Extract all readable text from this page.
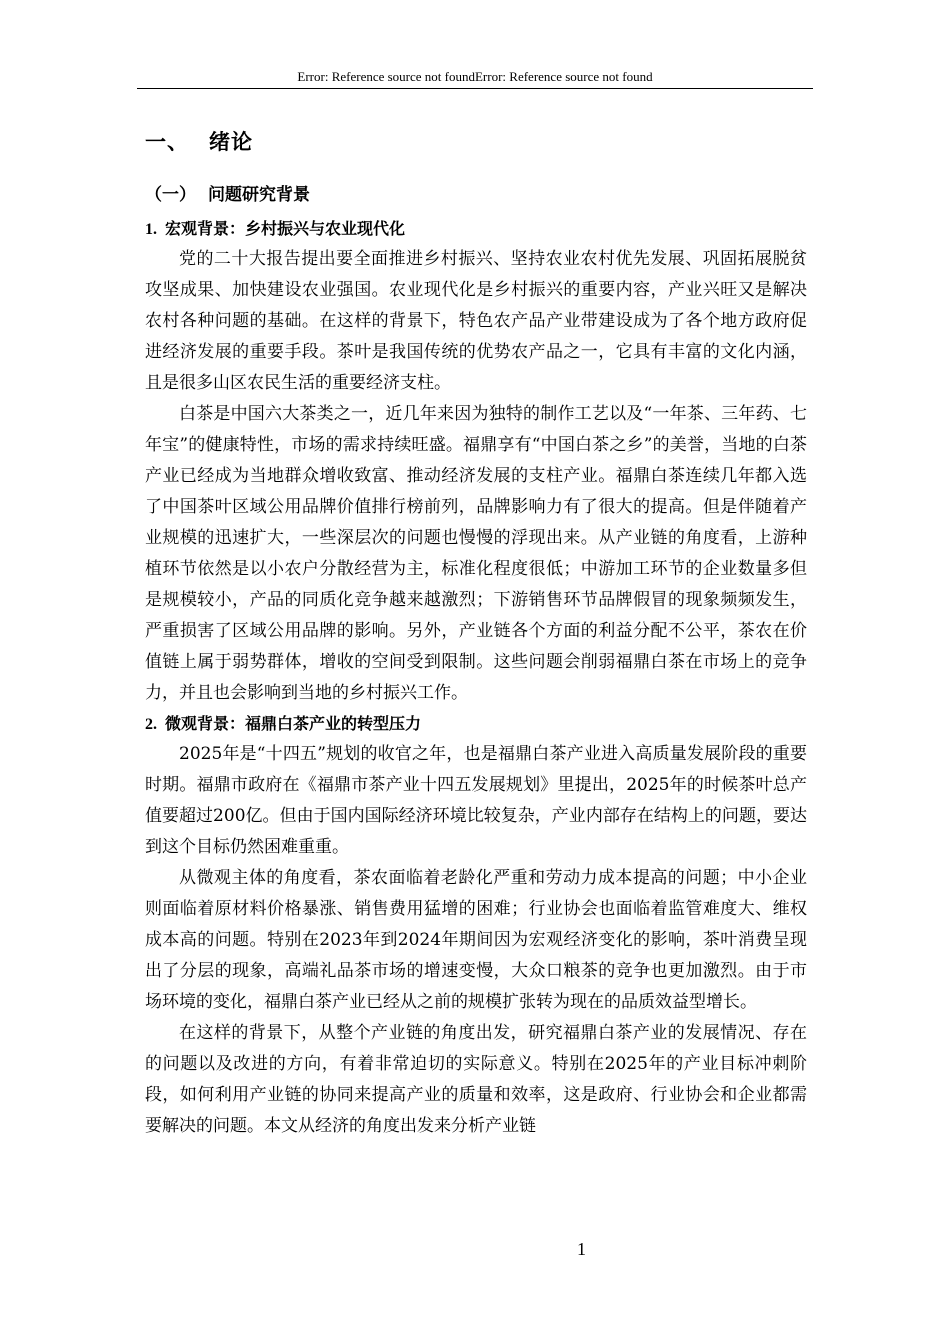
Error: Reference source not foundError: Reference source not found
一、 绪论
（一） 问题研究背景
1. 宏观背景：乡村振兴与农业现代化

党的二十大报告提出要全面推进乡村振兴、坚持农业农村优先发展、巩固拓展脱贫攻坚成果、加快建设农业强国。农业现代化是乡村振兴的重要内容，产业兴旺又是解决农村各种问题的基础。在这样的背景下，特色农产品产业带建设成为了各个地方政府促进经济发展的重要手段。茶叶是我国传统的优势农产品之一，它具有丰富的文化内涵，且是很多山区农民生活的重要经济支柱。

白茶是中国六大茶类之一，近几年来因为独特的制作工艺以及“一年茶、三年药、七年宝”的健康特性，市场的需求持续旺盛。福鼎享有“中国白茶之乡”的美誉，当地的白茶产业已经成为当地群众增收致富、推动经济发展的支柱产业。福鼎白茶连续几年都入选了中国茶叶区域公用品牌价值排行榜前列，品牌影响力有了很大的提高。但是伴随着产业规模的迅速扩大，一些深层次的问题也慢慢的浮现出来。从产业链的角度看，上游种植环节依然是以小农户分散经营为主，标准化程度很低；中游加工环节的企业数量多但是规模较小，产品的同质化竞争越来越激烈；下游销售环节品牌假冒的现象频频发生，严重损害了区域公用品牌的影响。另外，产业链各个方面的利益分配不公平，茶农在价值链上属于弱势群体，增收的空间受到限制。这些问题会削弱福鼎白茶在市场上的竞争力，并且也会影响到当地的乡村振兴工作。

2. 微观背景：福鼎白茶产业的转型压力

2025年是“十四五”规划的收官之年，也是福鼎白茶产业进入高质量发展阶段的重要时期。福鼎市政府在《福鼎市茶产业十四五发展规划》里提出，2025年的时候茶叶总产值要超过200亿。但由于国内国际经济环境比较复杂，产业内部存在结构上的问题，要达到这个目标仍然困难重重。

从微观主体的角度看，茶农面临着老龄化严重和劳动力成本提高的问题；中小企业则面临着原材料价格暴涨、销售费用猛增的困难；行业协会也面临着监管难度大、维权成本高的问题。特别在2023年到2024年期间因为宏观经济变化的影响，茶叶消费呈现出了分层的现象，高端礼品茶市场的增速变慢，大众口粮茶的竞争也更加激烈。由于市场环境的变化，福鼎白茶产业已经从之前的规模扩张转为现在的品质效益型增长。

在这样的背景下，从整个产业链的角度出发，研究福鼎白茶产业的发展情况、存在的问题以及改进的方向，有着非常迫切的实际意义。特别在2025年的产业目标冲刺阶段，如何利用产业链的协同来提高产业的质量和效率，这是政府、行业协会和企业都需要解决的问题。本文从经济的角度出发来分析产业链

1
